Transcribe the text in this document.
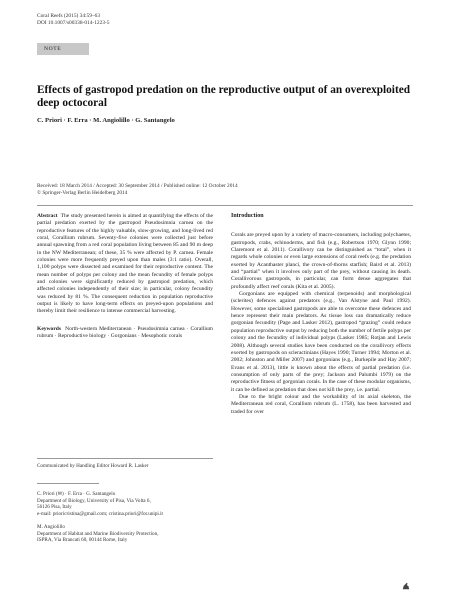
Coral Reefs (2015) 34:59–63
DOI 10.1007/s00338-014-1223-5
NOTE
Effects of gastropod predation on the reproductive output of an overexploited deep octocoral
C. Priori · F. Erra · M. Angiolillo · G. Santangelo
Received: 18 March 2014 / Accepted: 30 September 2014 / Published online: 12 October 2014
© Springer-Verlag Berlin Heidelberg 2014

Abstract The study presented herein is aimed at quantifying the effects of the partial predation exerted by the gastropod Pseudosimnia carnea on the reproductive features of the highly valuable, slow-growing, and long-lived red coral, Corallium rubrum. Seventy-five colonies were collected just before annual spawning from a red coral population living between 85 and 90 m deep in the NW Mediterranean; of these, 35 % were affected by P. carnea. Female colonies were more frequently preyed upon than males (3:1 ratio). Overall, 1,100 polyps were dissected and examined for their reproductive content. The mean number of polyps per colony and the mean fecundity of female polyps and colonies were significantly reduced by gastropod predation, which affected colonies independently of their size; in particular, colony fecundity was reduced by 81 %. The consequent reduction in population reproductive output is likely to have long-term effects on preyed-upon populations and thereby limit their resilience to intense commercial harvesting.

Keywords North-western Mediterranean · Pseudosimnia carnea · Corallium rubrum · Reproductive biology · Gorgonians · Mesophotic corals

Communicated by Handling Editor Howard R. Lasker

C. Priori (✉) · F. Erra · G. Santangelo

Department of Biology, University of Pisa, Via Volta 6,

56126 Pisa, Italy

e-mail: prioricristina@gmail.com; cristina.priori@for.unipi.it

M. Angiolillo

Department of Habitat and Marine Biodiversity Protection,

ISPRA, Via Brancati 60, 00144 Rome, Italy

Introduction

Corals are preyed upon by a variety of macro-consumers, including polychaetes, gastropods, crabs, echinoderms, and fish (e.g., Robertson 1970; Glynn 1990; Claremont et al. 2011). Corallivory can be distinguished as “total”, when it regards whole colonies or even large extensions of coral reefs (e.g. the predation exerted by Acanthaster planci, the crown-of-thorns starfish; Baird et al. 2013) and “partial” when it involves only part of the prey, without causing its death. Corallivorous gastropods, in particular, can form dense aggregates that profoundly affect reef corals (Kita et al. 2005).

Gorgonians are equipped with chemical (terpenoids) and morphological (sclerites) defences against predators (e.g., Van Alstyne and Paul 1992). However, some specialised gastropods are able to overcome these defences and hence represent their main predators. As tissue loss can dramatically reduce gorgonian fecundity (Page and Lasker 2012), gastropod “grazing” could reduce population reproductive output by reducing both the number of fertile polyps per colony and the fecundity of individual polyps (Lasker 1985; Rotjan and Lewis 2008). Although several studies have been conducted on the corallivory effects exerted by gastropods on scleractinians (Hayes 1990; Turner 1994; Morton et al. 2002; Johnston and Miller 2007) and gorgonians (e.g., Burkepile and Hay 2007; Evans et al. 2013), little is known about the effects of partial predation (i.e. consumption of only parts of the prey; Jackson and Palumbi 1979) on the reproductive fitness of gorgonian corals. In the case of these modular organisms, it can be defined as predation that does not kill the prey, i.e. partial.

Due to the bright colour and the workability of its axial skeleton, the Mediterranean red coral, Corallium rubrum (L. 1758), has been harvested and traded for over
